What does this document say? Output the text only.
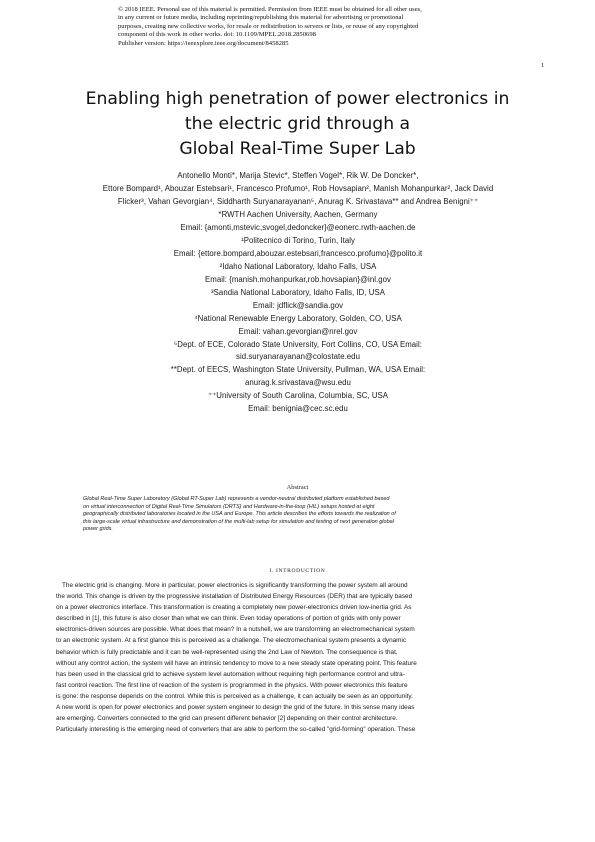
© 2018 IEEE. Personal use of this material is permitted. Permission from IEEE must be obtained for all other uses,

in any current or future media, including reprinting/republishing this material for advertising or promotional

purposes, creating new collective works, for resale or redistribution to servers or lists, or reuse of any copyrighted

component of this work in other works. doi: 10.1109/MPEL.2018.2850698

Publisher version: https://ieeexplore.ieee.org/document/8458285

1
Enabling high penetration of power electronics in
the electric grid through a
Global Real-Time Super Lab
Antonello Monti*, Marija Stevic*, Steffen Vogel*, Rik W. De Doncker*,
Ettore Bompard¹, Abouzar Estebsari¹, Francesco Profumo¹, Rob Hovsapian², Manish Mohanpurkar², Jack David
Flicker³, Vahan Gevorgian⁴, Siddharth Suryanarayanan⁵, Anurag K. Srivastava** and Andrea Benigni⁺⁺
*RWTH Aachen University, Aachen, Germany
Email: {amonti,mstevic,svogel,dedoncker}@eonerc.rwth-aachen.de
¹Politecnico di Torino, Turin, Italy
Email: {ettore.bompard,abouzar.estebsari,francesco.profumo}@polito.it
²Idaho National Laboratory, Idaho Falls, USA
Email: {manish.mohanpurkar,rob.hovsapian}@inl.gov
³Sandia National Laboratory, Idaho Falls, ID, USA
Email: jdflick@sandia.gov
⁴National Renewable Energy Laboratory, Golden, CO, USA
Email: vahan.gevorgian@nrel.gov
⁵Dept. of ECE, Colorado State University, Fort Collins, CO, USA Email:
sid.suryanarayanan@colostate.edu
**Dept. of EECS, Washington State University, Pullman, WA, USA Email:
anurag.k.srivastava@wsu.edu
⁺⁺University of South Carolina, Columbia, SC, USA
Email: benignia@cec.sc.edu
Abstract
Global Real-Time Super Laboratory (Global RT-Super Lab) represents a vendor-neutral distributed platform established based
on virtual interconnection of Digital Real-Time Simulators (DRTS) and Hardware-in-the-loop (HIL) setups hosted at eight
geographically distributed laboratories located in the USA and Europe. This article describes the efforts towards the realization of
this large-scale virtual infrastructure and demonstration of the multi-lab setup for simulation and testing of next generation global
power grids.
I. INTRODUCTION
The electric grid is changing. More in particular, power electronics is significantly transforming the power system all around
the world. This change is driven by the progressive installation of Distributed Energy Resources (DER) that are typically based
on a power electronics interface. This transformation is creating a completely new power-electronics driven low-inertia grid. As
described in [1], this future is also closer than what we can think. Even today operations of portion of grids with only power
electronics-driven sources are possible. What does that mean? In a nutshell, we are transforming an electromechanical system
to an electronic system. At a first glance this is perceived as a challenge. The electromechanical system presents a dynamic
behavior which is fully predictable and it can be well-represented using the 2nd Law of Newton. The consequence is that,
without any control action, the system will have an intrinsic tendency to move to a new steady state operating point. This feature
has been used in the classical grid to achieve system level automation without requiring high performance control and ultra-
fast control reaction. The first line of reaction of the system is programmed in the physics. With power electronics this feature
is gone: the response depends on the control. While this is perceived as a challenge, it can actually be seen as an opportunity.
A new world is open for power electronics and power system engineer to design the grid of the future. In this sense many ideas
are emerging. Converters connected to the grid can present different behavior [2] depending on their control architecture.
Particularly interesting is the emerging need of converters that are able to perform the so-called "grid-forming" operation. These
